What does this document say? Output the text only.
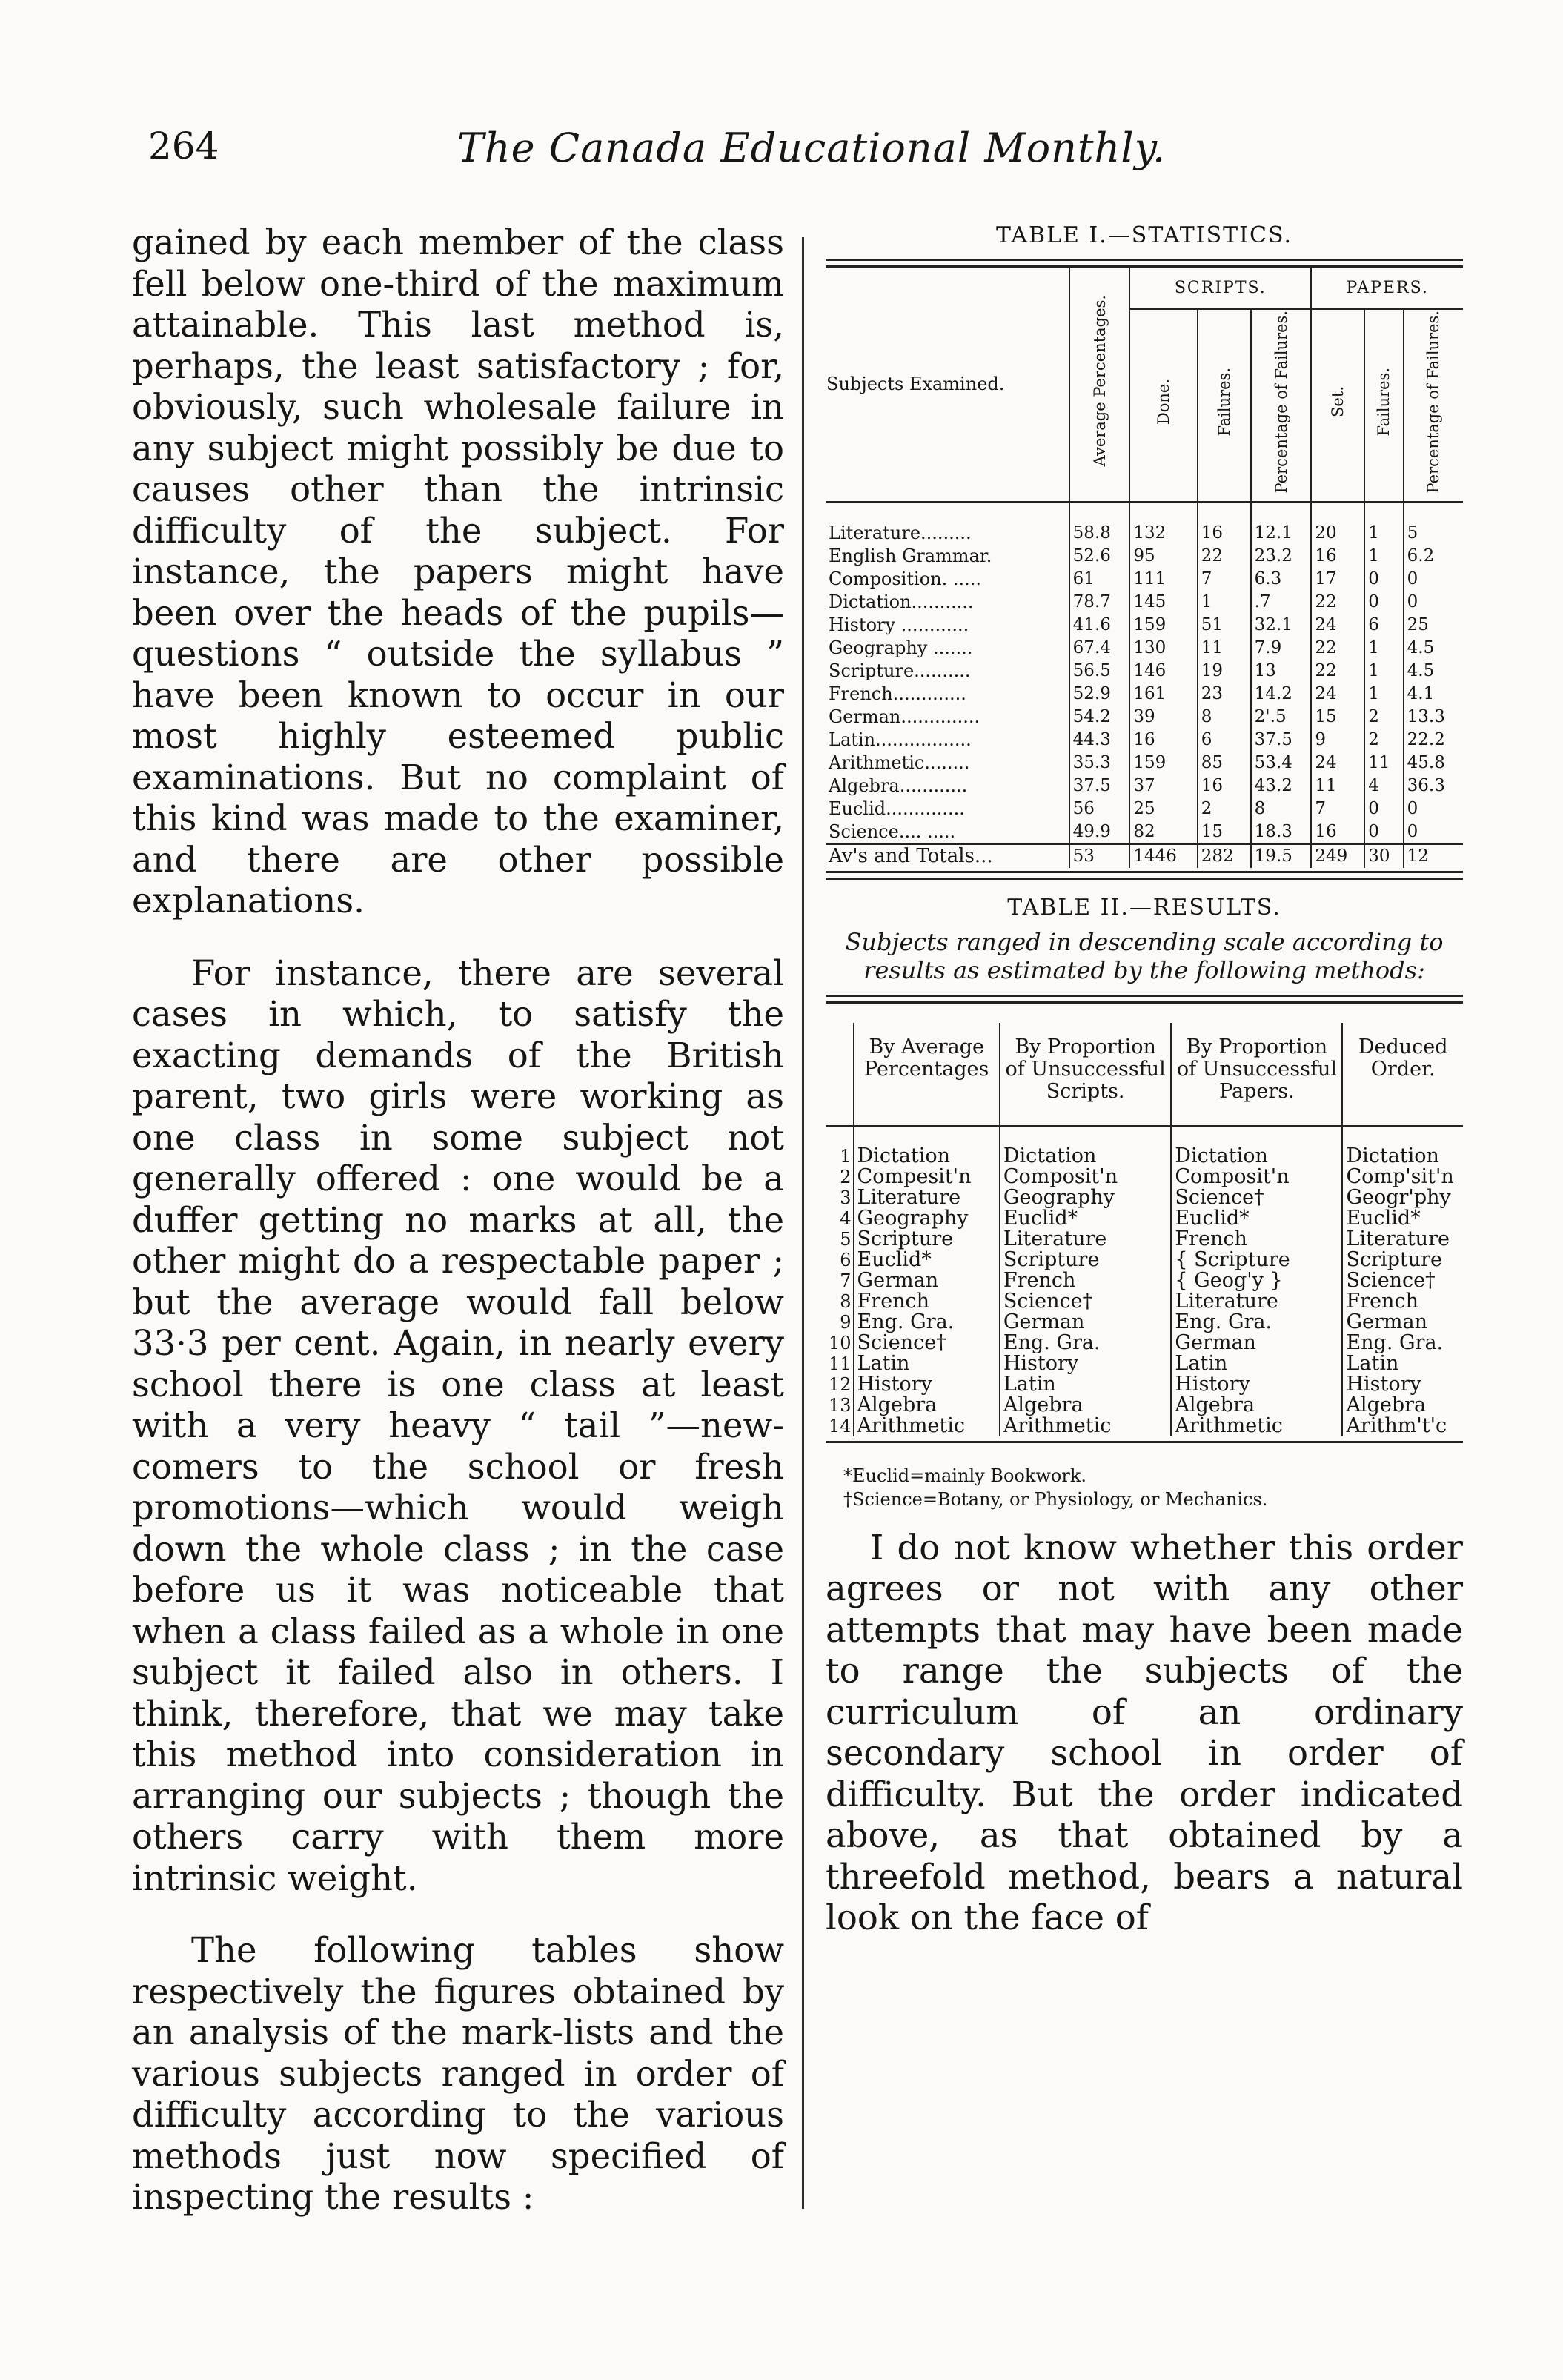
264	The Canada Educational Monthly.

gained by each member of the class fell below one-third of the maximum attainable. This last method is, perhaps, the least satisfactory ; for, obviously, such wholesale failure in any subject might possibly be due to causes other than the intrinsic difficulty of the subject. For instance, the papers might have been over the heads of the pupils—questions “ outside the syllabus ” have been known to occur in our most highly esteemed public examinations. But no complaint of this kind was made to the examiner, and there are other possible explanations.

For instance, there are several cases in which, to satisfy the exacting demands of the British parent, two girls were working as one class in some subject not generally offered : one would be a duffer getting no marks at all, the other might do a respectable paper ; but the average would fall below 33·3 per cent. Again, in nearly every school there is one class at least with a very heavy “ tail ”—new-comers to the school or fresh promotions—which would weigh down the whole class ; in the case before us it was noticeable that when a class failed as a whole in one subject it failed also in others. I think, therefore, that we may take this method into consideration in arranging our subjects ; though the others carry with them more intrinsic weight.

The following tables show respectively the figures obtained by an analysis of the mark-lists and the various subjects ranged in order of difficulty according to the various methods just now specified of inspecting the results :

TABLE I.—STATISTICS.

Subjects Examined.	Average Percentages.	SCRIPTS.			PAPERS.		
		Done.	Failures.	Percentage of Failures.	Set.	Failures.	Percentage of Failures.
Literature.........	58.8	132	16	12.1	20	1	5
English Grammar.	52.6	95	22	23.2	16	1	6.2
Composition. .....	61	111	7	6.3	17	0	0
Dictation...........	78.7	145	1	.7	22	0	0
History ............	41.6	159	51	32.1	24	6	25
Geography .......	67.4	130	11	7.9	22	1	4.5
Scripture..........	56.5	146	19	13	22	1	4.5
French.............	52.9	161	23	14.2	24	1	4.1
German..............	54.2	39	8	2'.5	15	2	13.3
Latin.................	44.3	16	6	37.5	9	2	22.2
Arithmetic........	35.3	159	85	53.4	24	11	45.8
Algebra............	37.5	37	16	43.2	11	4	36.3
Euclid..............	56	25	2	8	7	0	0
Science.... .....	49.9	82	15	18.3	16	0	0
Av's and Totals...	53	1446	282	19.5	249	30	12

TABLE II.—RESULTS.

Subjects ranged in descending scale according to results as estimated by the following methods:

	By Average Percentages	By Proportion of Unsuccessful Scripts.	By Proportion of Unsuccessful Papers.	Deduced Order.
1	Dictation	Dictation	Dictation	Dictation
2	Compesit'n	Composit'n	Composit'n	Comp'sit'n
3	Literature	Geography	Science†	Geogr'phy
4	Geography	Euclid*	Euclid*	Euclid*
5	Scripture	Literature	French	Literature
6	Euclid*	Scripture	{ Scripture	Scripture
7	German	French	{ Geog'y }	Science†
8	French	Science†	Literature	French
9	Eng. Gra.	German	Eng. Gra.	German
10	Science†	Eng. Gra.	German	Eng. Gra.
11	Latin	History	Latin	Latin
12	History	Latin	History	History
13	Algebra	Algebra	Algebra	Algebra
14	Arithmetic	Arithmetic	Arithmetic	Arithm't'c
*Euclid=mainly Bookwork.
†Science=Botany, or Physiology, or Mechanics.

I do not know whether this order agrees or not with any other attempts that may have been made to range the subjects of the curriculum of an ordinary secondary school in order of difficulty. But the order indicated above, as that obtained by a threefold method, bears a natural look on the face of
